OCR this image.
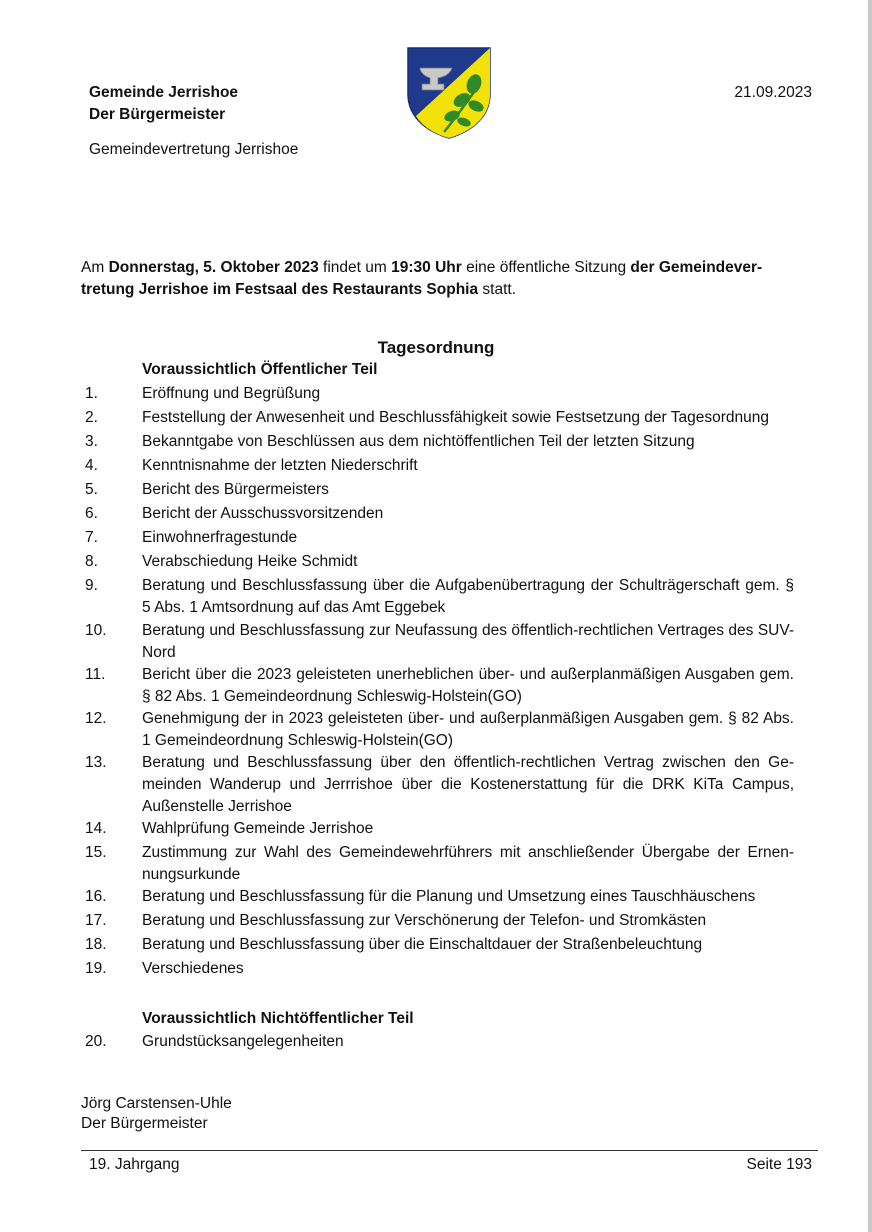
Gemeinde Jerrishoe
Der Bürgermeister
Gemeindevertretung Jerrishoe
21.09.2023
Am Donnerstag, 5. Oktober 2023 findet um 19:30 Uhr eine öffentliche Sitzung der Gemeindever-tretung Jerrishoe im Festsaal des Restaurants Sophia statt.
Tagesordnung
Voraussichtlich Öffentlicher Teil
1.	Eröffnung und Begrüßung
2.	Feststellung der Anwesenheit und Beschlussfähigkeit sowie Festsetzung der Tagesordnung
3.	Bekanntgabe von Beschlüssen aus dem nichtöffentlichen Teil der letzten Sitzung
4.	Kenntnisnahme der letzten Niederschrift
5.	Bericht des Bürgermeisters
6.	Bericht der Ausschussvorsitzenden
7.	Einwohnerfragestunde
8.	Verabschiedung Heike Schmidt
9.	Beratung und Beschlussfassung über die Aufgabenübertragung der Schulträgerschaft gem. § 5 Abs. 1 Amtsordnung auf das Amt Eggebek
10.	Beratung und Beschlussfassung zur Neufassung des öffentlich-rechtlichen Vertrages des SUV-Nord
11.	Bericht über die 2023 geleisteten unerheblichen über- und außerplanmäßigen Ausgaben gem. § 82 Abs. 1 Gemeindeordnung Schleswig-Holstein(GO)
12.	Genehmigung der in 2023 geleisteten über- und außerplanmäßigen Ausgaben gem. § 82 Abs. 1 Gemeindeordnung Schleswig-Holstein(GO)
13.	Beratung und Beschlussfassung über den öffentlich-rechtlichen Vertrag zwischen den Ge-meinden Wanderup und Jerrrishoe über die Kostenerstattung für die DRK KiTa Campus, Außenstelle Jerrishoe
14.	Wahlprüfung Gemeinde Jerrishoe
15.	Zustimmung zur Wahl des Gemeindewehrführers mit anschließender Übergabe der Ernen-nungsurkunde
16.	Beratung und Beschlussfassung für die Planung und Umsetzung eines Tauschhäuschens
17.	Beratung und Beschlussfassung zur Verschönerung der Telefon- und Stromkästen
18.	Beratung und Beschlussfassung über die Einschaltdauer der Straßenbeleuchtung
19.	Verschiedenes
20.	Grundstücksangelegenheiten
Voraussichtlich Nichtöffentlicher Teil
Jörg Carstensen-Uhle
Der Bürgermeister
19. Jahrgang	Seite 193
